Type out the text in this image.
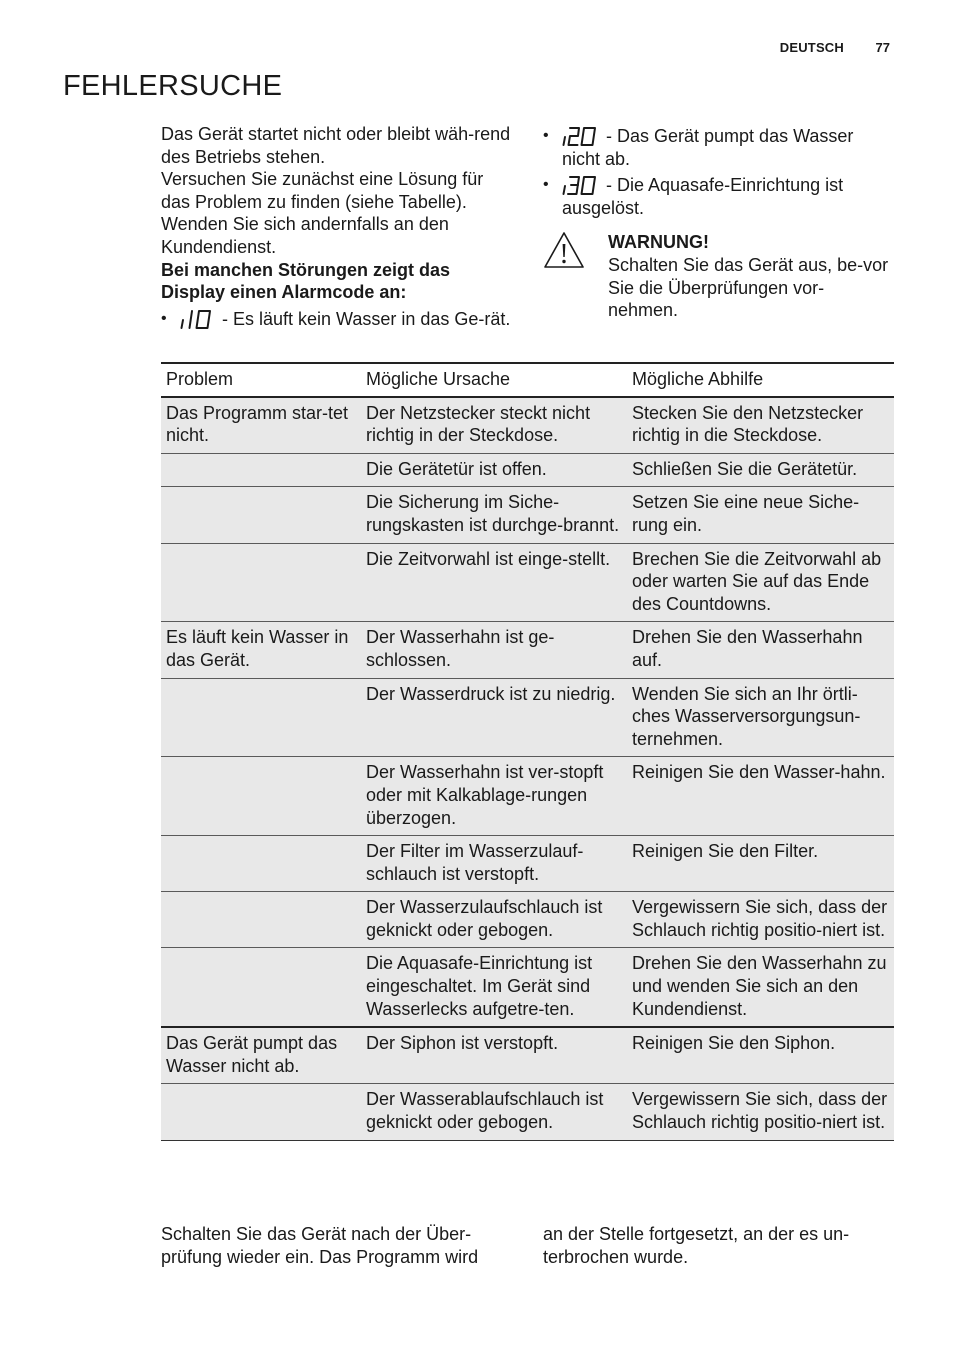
DEUTSCH	77
FEHLERSUCHE

Das Gerät startet nicht oder bleibt wäh-rend des Betriebs stehen.

Versuchen Sie zunächst eine Lösung für das Problem zu finden (siehe Tabelle). Wenden Sie sich andernfalls an den Kundendienst.

Bei manchen Störungen zeigt das Display einen Alarmcode an:

•	- Es läuft kein Wasser in das Ge-rät.
•	- Das Gerät pumpt das Wasser nicht ab.
•	- Die Aquasafe-Einrichtung ist ausgelöst.
WARNUNG!
Schalten Sie das Gerät aus, be-vor Sie die Überprüfungen vor-nehmen.
Problem	Mögliche Ursache	Mögliche Abhilfe
Das Programm star-tet nicht.	Der Netzstecker steckt nicht richtig in der Steckdose.	Stecken Sie den Netzstecker richtig in die Steckdose.
	Die Gerätetür ist offen.	Schließen Sie die Gerätetür.
	Die Sicherung im Siche-rungskasten ist durchge-brannt.	Setzen Sie eine neue Siche-rung ein.
	Die Zeitvorwahl ist einge-stellt.	Brechen Sie die Zeitvorwahl ab oder warten Sie auf das Ende des Countdowns.
Es läuft kein Wasser in das Gerät.	Der Wasserhahn ist ge-schlossen.	Drehen Sie den Wasserhahn auf.
	Der Wasserdruck ist zu niedrig.	Wenden Sie sich an Ihr örtli-ches Wasserversorgungsun-ternehmen.
	Der Wasserhahn ist ver-stopft oder mit Kalkablage-rungen überzogen.	Reinigen Sie den Wasser-hahn.
	Der Filter im Wasserzulauf-schlauch ist verstopft.	Reinigen Sie den Filter.
	Der Wasserzulaufschlauch ist geknickt oder gebogen.	Vergewissern Sie sich, dass der Schlauch richtig positio-niert ist.
	Die Aquasafe-Einrichtung ist eingeschaltet. Im Gerät sind Wasserlecks aufgetre-ten.	Drehen Sie den Wasserhahn zu und wenden Sie sich an den Kundendienst.
Das Gerät pumpt das Wasser nicht ab.	Der Siphon ist verstopft.	Reinigen Sie den Siphon.
	Der Wasserablaufschlauch ist geknickt oder gebogen.	Vergewissern Sie sich, dass der Schlauch richtig positio-niert ist.
Schalten Sie das Gerät nach der Über-prüfung wieder ein. Das Programm wird
an der Stelle fortgesetzt, an der es un-terbrochen wurde.
